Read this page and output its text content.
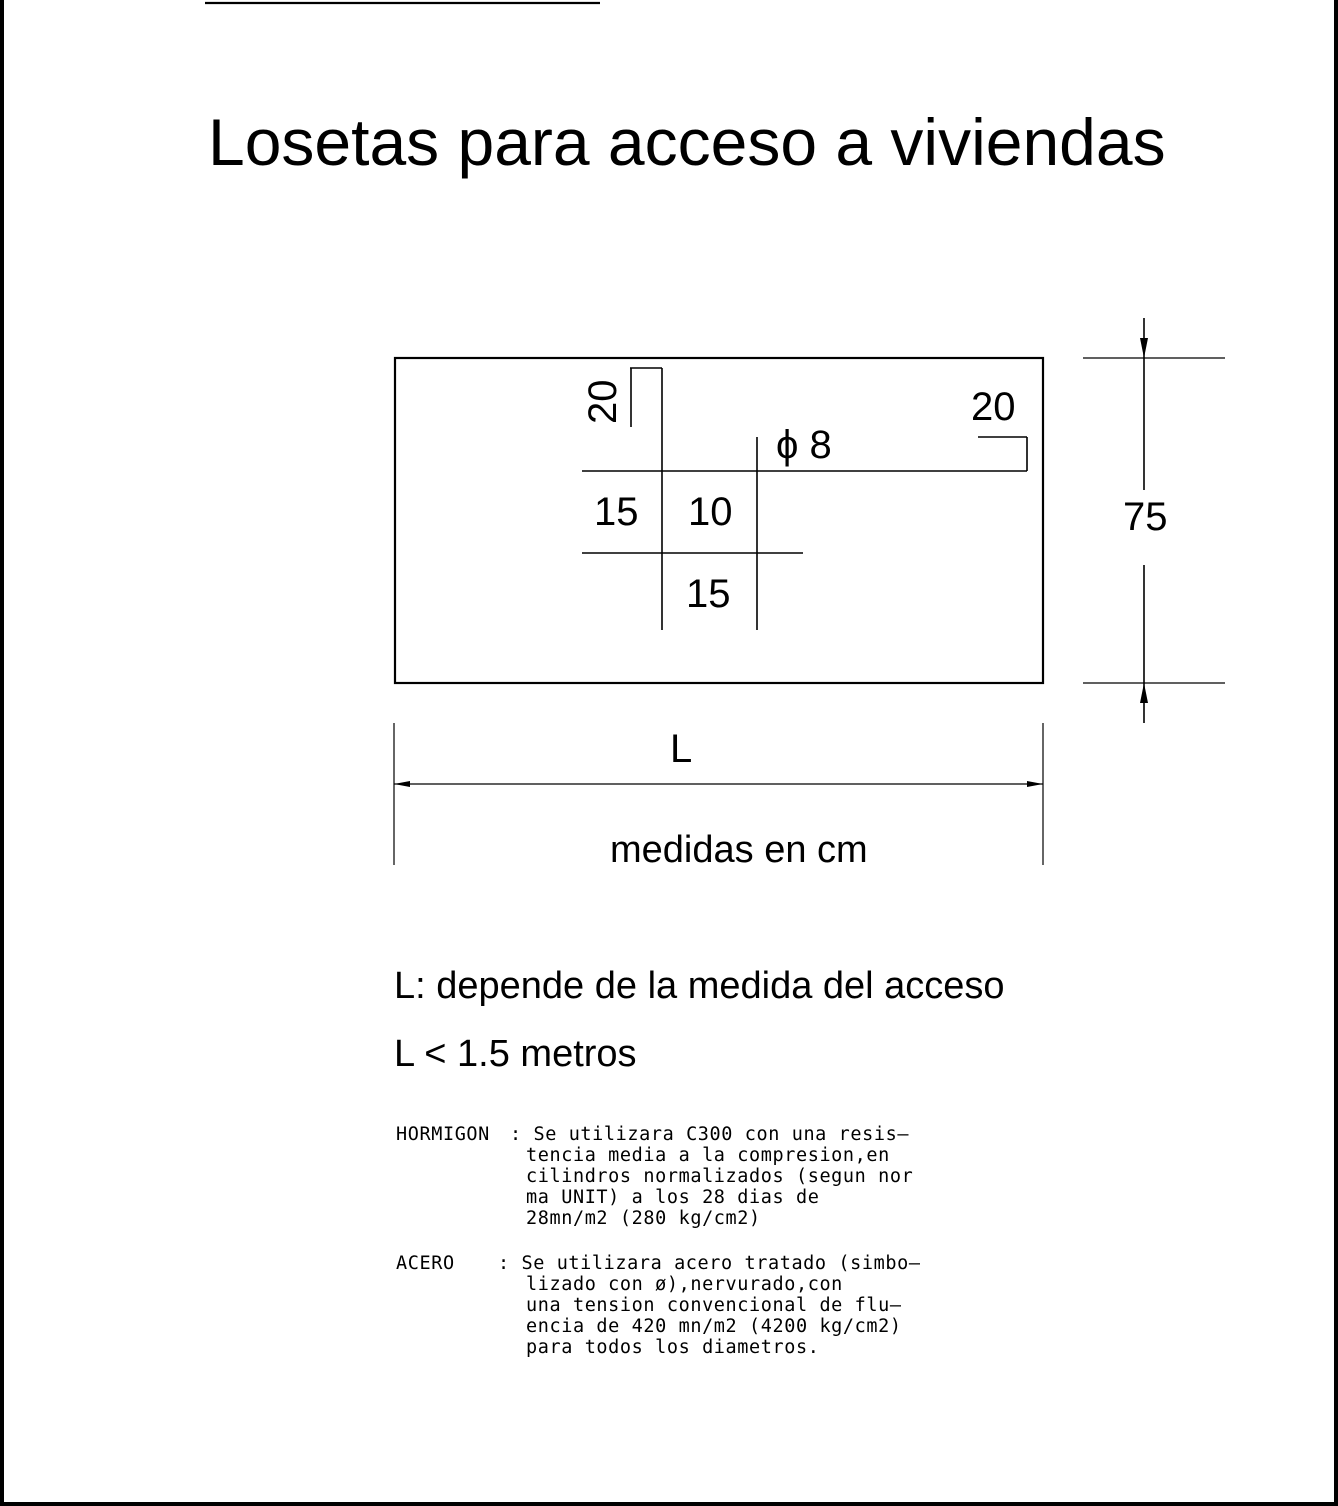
Losetas para acceso a viviendas
20	20
ϕ 8
15 10
15
75
L
medidas en cm
L: depende de la medida del acceso
L < 1.5 metros
HORMIGON : Se utilizara C300 con una resis—
tencia media a la compresion,en
cilindros normalizados (segun nor
ma UNIT) a los 28 dias de
28mn/m2 (280 kg/cm2)
ACERO : Se utilizara acero tratado (simbo—
lizado con ø),nervurado,con
una tension convencional de flu—
encia de 420 mn/m2 (4200 kg/cm2)
para todos los diametros.
